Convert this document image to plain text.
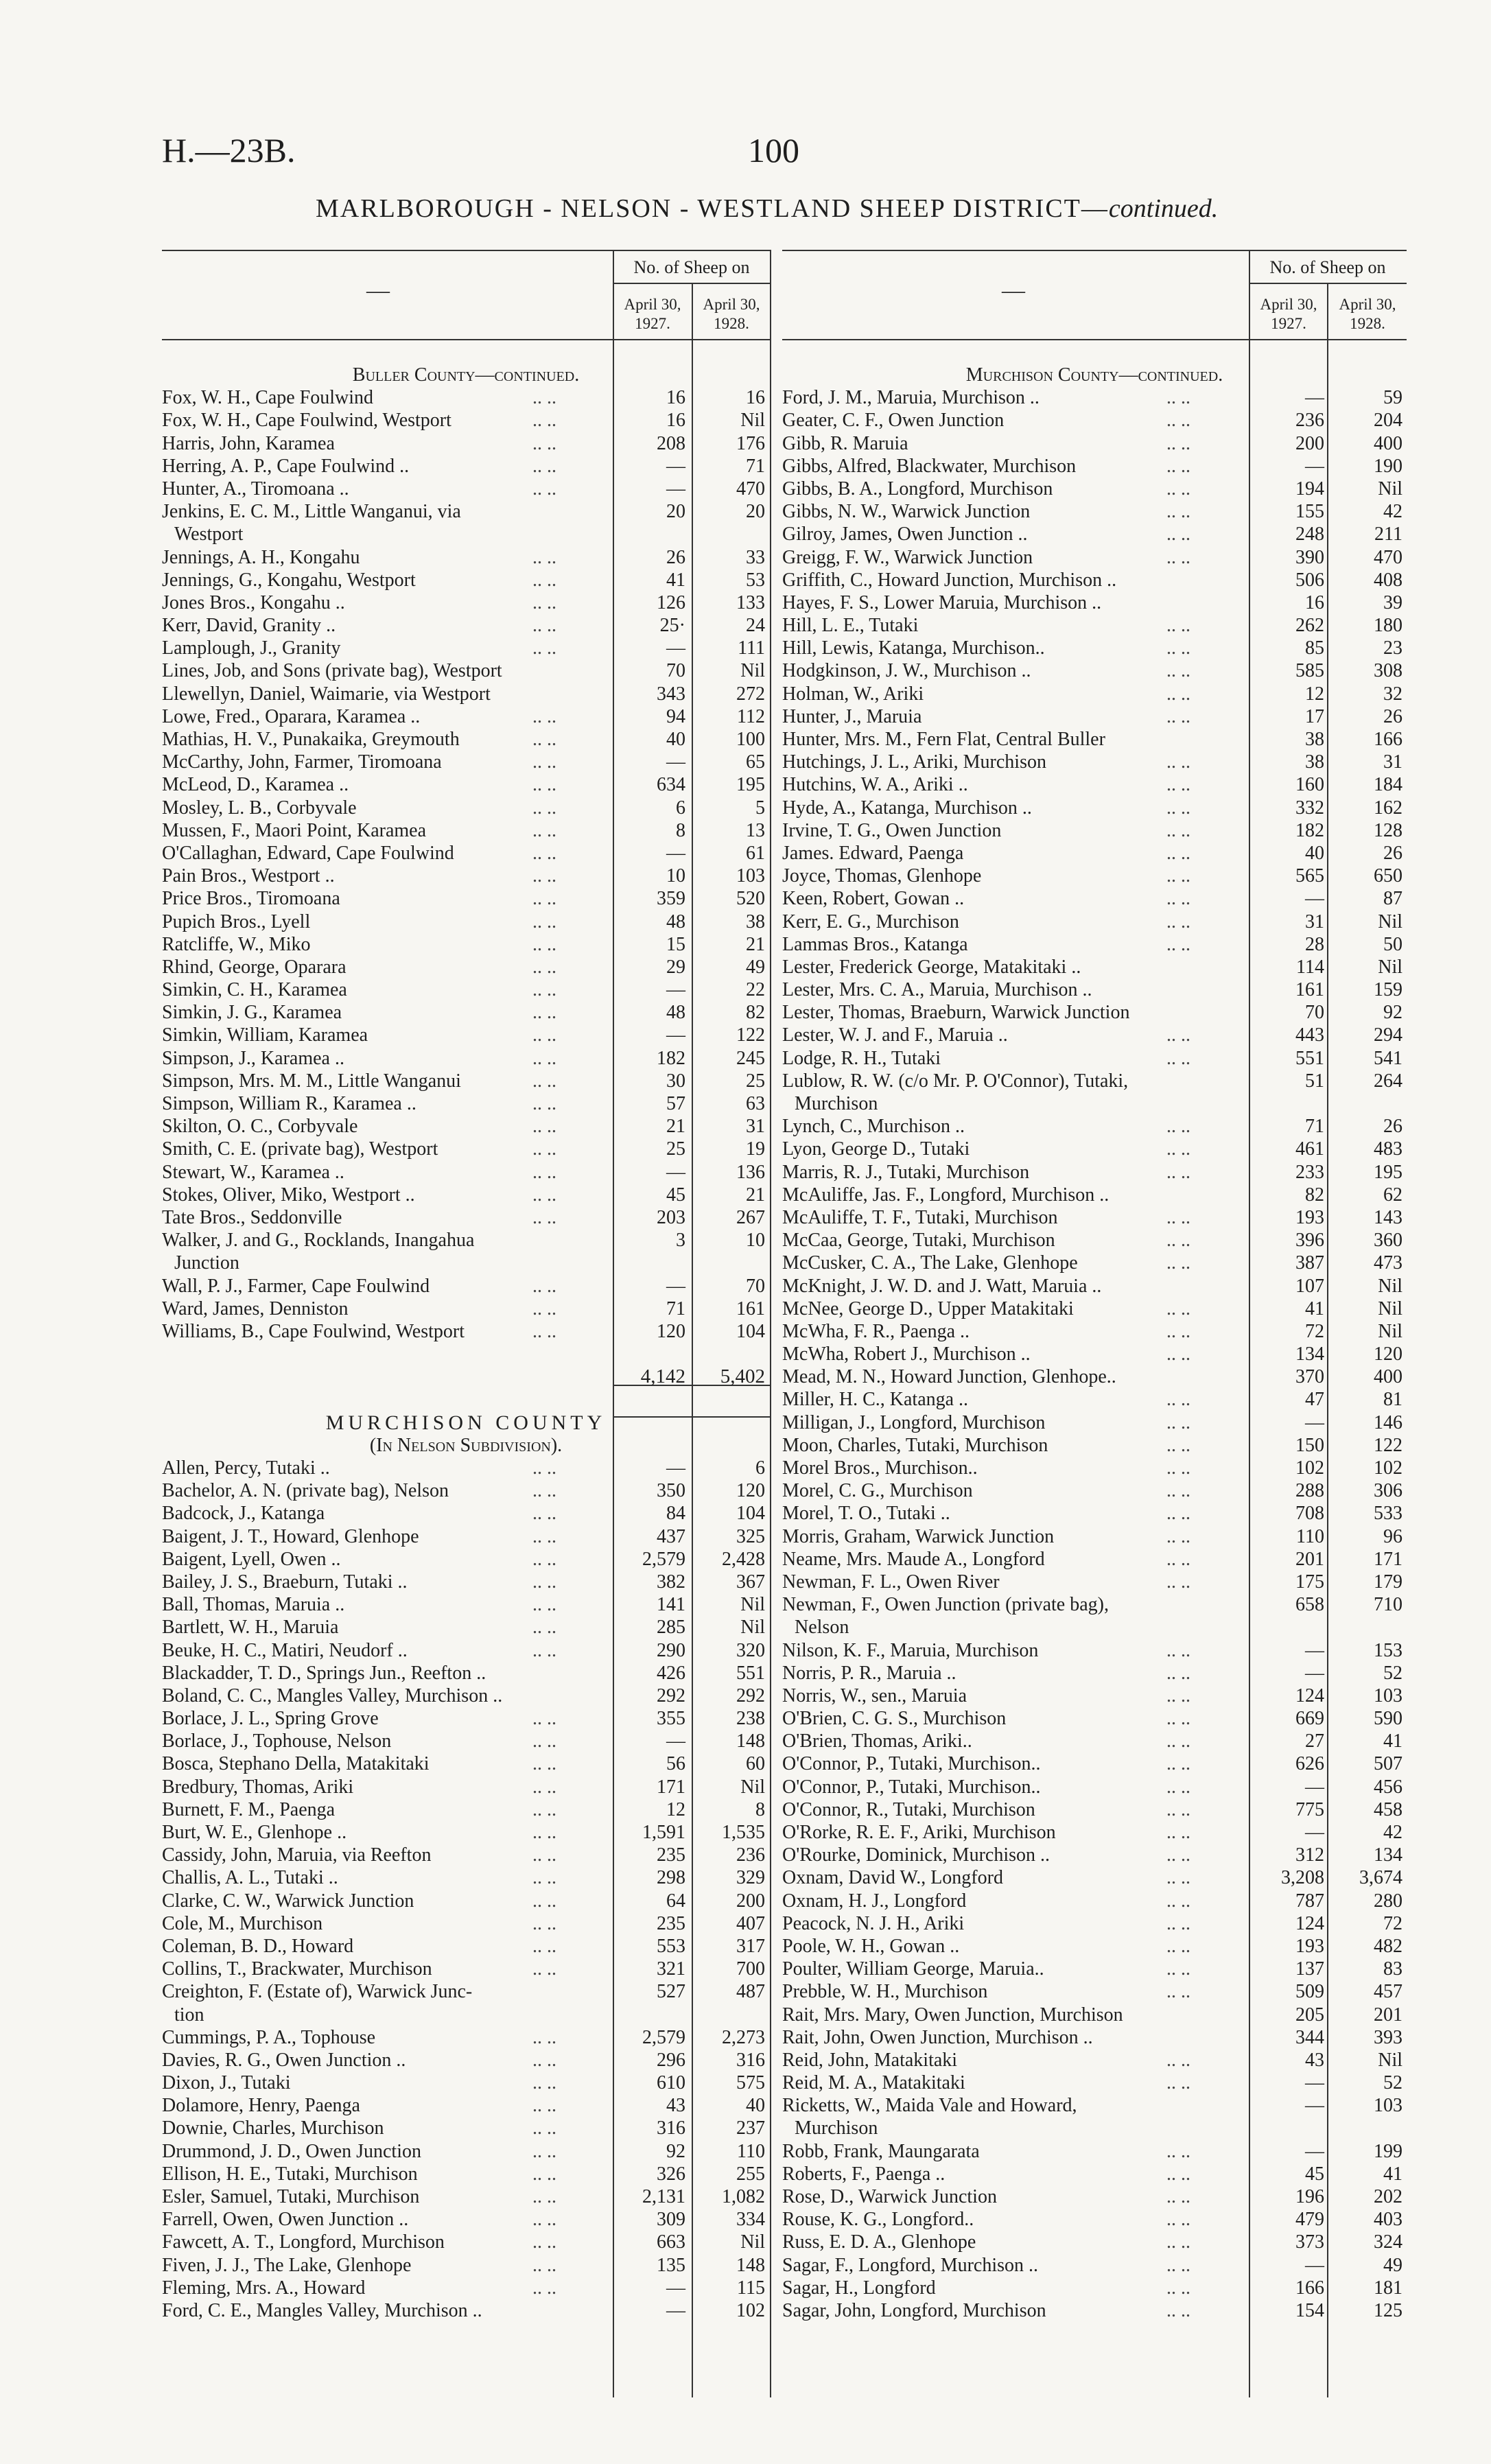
H.—23B.	100
MARLBOROUGH - NELSON - WESTLAND SHEEP DISTRICT—continued.
—
No. of Sheep on
April 30,
1927.
April 30,
1928.
—
No. of Sheep on
April 30,
1927.
April 30,
1928.
Buller County—continued.
Fox, W. H., Cape Foulwind	.. ..	16	16
Fox, W. H., Cape Foulwind, Westport	.. ..	16	Nil
Harris, John, Karamea	.. ..	208	176
Herring, A. P., Cape Foulwind ..	.. ..	—	71
Hunter, A., Tiromoana ..	.. ..	—	470
Jenkins, E. C. M., Little Wanganui, via	20	20
Westport
Jennings, A. H., Kongahu	.. ..	26	33
Jennings, G., Kongahu, Westport	.. ..	41	53
Jones Bros., Kongahu ..	.. ..	126	133
Kerr, David, Granity ..	.. ..	25·	24
Lamplough, J., Granity	.. ..	—	111
Lines, Job, and Sons (private bag), Westport	70	Nil
Llewellyn, Daniel, Waimarie, via Westport	343	272
Lowe, Fred., Oparara, Karamea ..	.. ..	94	112
Mathias, H. V., Punakaika, Greymouth	.. ..	40	100
McCarthy, John, Farmer, Tiromoana	.. ..	—	65
McLeod, D., Karamea ..	.. ..	634	195
Mosley, L. B., Corbyvale	.. ..	6	5
Mussen, F., Maori Point, Karamea	.. ..	8	13
O'Callaghan, Edward, Cape Foulwind	.. ..	—	61
Pain Bros., Westport ..	.. ..	10	103
Price Bros., Tiromoana	.. ..	359	520
Pupich Bros., Lyell	.. ..	48	38
Ratcliffe, W., Miko	.. ..	15	21
Rhind, George, Oparara	.. ..	29	49
Simkin, C. H., Karamea	.. ..	—	22
Simkin, J. G., Karamea	.. ..	48	82
Simkin, William, Karamea	.. ..	—	122
Simpson, J., Karamea ..	.. ..	182	245
Simpson, Mrs. M. M., Little Wanganui	.. ..	30	25
Simpson, William R., Karamea ..	.. ..	57	63
Skilton, O. C., Corbyvale	.. ..	21	31
Smith, C. E. (private bag), Westport	.. ..	25	19
Stewart, W., Karamea ..	.. ..	—	136
Stokes, Oliver, Miko, Westport ..	.. ..	45	21
Tate Bros., Seddonville	.. ..	203	267
Walker, J. and G., Rocklands, Inangahua	3	10
Junction
Wall, P. J., Farmer, Cape Foulwind	.. ..	—	70
Ward, James, Denniston	.. ..	71	161
Williams, B., Cape Foulwind, Westport	.. ..	120	104
4,142	5,402
MURCHISON COUNTY
(In Nelson Subdivision).
Allen, Percy, Tutaki ..	.. ..	—	6
Bachelor, A. N. (private bag), Nelson	.. ..	350	120
Badcock, J., Katanga	.. ..	84	104
Baigent, J. T., Howard, Glenhope	.. ..	437	325
Baigent, Lyell, Owen ..	.. ..	2,579	2,428
Bailey, J. S., Braeburn, Tutaki ..	.. ..	382	367
Ball, Thomas, Maruia ..	.. ..	141	Nil
Bartlett, W. H., Maruia	.. ..	285	Nil
Beuke, H. C., Matiri, Neudorf ..	.. ..	290	320
Blackadder, T. D., Springs Jun., Reefton ..	426	551
Boland, C. C., Mangles Valley, Murchison ..	292	292
Borlace, J. L., Spring Grove	.. ..	355	238
Borlace, J., Tophouse, Nelson	.. ..	—	148
Bosca, Stephano Della, Matakitaki	.. ..	56	60
Bredbury, Thomas, Ariki	.. ..	171	Nil
Burnett, F. M., Paenga	.. ..	12	8
Burt, W. E., Glenhope ..	.. ..	1,591	1,535
Cassidy, John, Maruia, via Reefton	.. ..	235	236
Challis, A. L., Tutaki ..	.. ..	298	329
Clarke, C. W., Warwick Junction	.. ..	64	200
Cole, M., Murchison	.. ..	235	407
Coleman, B. D., Howard	.. ..	553	317
Collins, T., Brackwater, Murchison	.. ..	321	700
Creighton, F. (Estate of), Warwick Junc-	527	487
tion
Cummings, P. A., Tophouse	.. ..	2,579	2,273
Davies, R. G., Owen Junction ..	.. ..	296	316
Dixon, J., Tutaki	.. ..	610	575
Dolamore, Henry, Paenga	.. ..	43	40
Downie, Charles, Murchison	.. ..	316	237
Drummond, J. D., Owen Junction	.. ..	92	110
Ellison, H. E., Tutaki, Murchison	.. ..	326	255
Esler, Samuel, Tutaki, Murchison	.. ..	2,131	1,082
Farrell, Owen, Owen Junction ..	.. ..	309	334
Fawcett, A. T., Longford, Murchison	.. ..	663	Nil
Fiven, J. J., The Lake, Glenhope	.. ..	135	148
Fleming, Mrs. A., Howard	.. ..	—	115
Ford, C. E., Mangles Valley, Murchison ..	—	102
Murchison County—continued.
Ford, J. M., Maruia, Murchison ..	.. ..	—	59
Geater, C. F., Owen Junction	.. ..	236	204
Gibb, R. Maruia	.. ..	200	400
Gibbs, Alfred, Blackwater, Murchison	.. ..	—	190
Gibbs, B. A., Longford, Murchison	.. ..	194	Nil
Gibbs, N. W., Warwick Junction	.. ..	155	42
Gilroy, James, Owen Junction ..	.. ..	248	211
Greigg, F. W., Warwick Junction	.. ..	390	470
Griffith, C., Howard Junction, Murchison ..	506	408
Hayes, F. S., Lower Maruia, Murchison ..	16	39
Hill, L. E., Tutaki	.. ..	262	180
Hill, Lewis, Katanga, Murchison..	.. ..	85	23
Hodgkinson, J. W., Murchison ..	.. ..	585	308
Holman, W., Ariki	.. ..	12	32
Hunter, J., Maruia	.. ..	17	26
Hunter, Mrs. M., Fern Flat, Central Buller	38	166
Hutchings, J. L., Ariki, Murchison	.. ..	38	31
Hutchins, W. A., Ariki ..	.. ..	160	184
Hyde, A., Katanga, Murchison ..	.. ..	332	162
Irvine, T. G., Owen Junction	.. ..	182	128
James. Edward, Paenga	.. ..	40	26
Joyce, Thomas, Glenhope	.. ..	565	650
Keen, Robert, Gowan ..	.. ..	—	87
Kerr, E. G., Murchison	.. ..	31	Nil
Lammas Bros., Katanga	.. ..	28	50
Lester, Frederick George, Matakitaki ..	114	Nil
Lester, Mrs. C. A., Maruia, Murchison ..	161	159
Lester, Thomas, Braeburn, Warwick Junction	70	92
Lester, W. J. and F., Maruia ..	.. ..	443	294
Lodge, R. H., Tutaki	.. ..	551	541
Lublow, R. W. (c/o Mr. P. O'Connor), Tutaki,	51	264
Murchison
Lynch, C., Murchison ..	.. ..	71	26
Lyon, George D., Tutaki	.. ..	461	483
Marris, R. J., Tutaki, Murchison	.. ..	233	195
McAuliffe, Jas. F., Longford, Murchison ..	82	62
McAuliffe, T. F., Tutaki, Murchison	.. ..	193	143
McCaa, George, Tutaki, Murchison	.. ..	396	360
McCusker, C. A., The Lake, Glenhope	.. ..	387	473
McKnight, J. W. D. and J. Watt, Maruia ..	107	Nil
McNee, George D., Upper Matakitaki	.. ..	41	Nil
McWha, F. R., Paenga ..	.. ..	72	Nil
McWha, Robert J., Murchison ..	.. ..	134	120
Mead, M. N., Howard Junction, Glenhope..	370	400
Miller, H. C., Katanga ..	.. ..	47	81
Milligan, J., Longford, Murchison	.. ..	—	146
Moon, Charles, Tutaki, Murchison	.. ..	150	122
Morel Bros., Murchison..	.. ..	102	102
Morel, C. G., Murchison	.. ..	288	306
Morel, T. O., Tutaki ..	.. ..	708	533
Morris, Graham, Warwick Junction	.. ..	110	96
Neame, Mrs. Maude A., Longford	.. ..	201	171
Newman, F. L., Owen River	.. ..	175	179
Newman, F., Owen Junction (private bag),	658	710
Nelson
Nilson, K. F., Maruia, Murchison	.. ..	—	153
Norris, P. R., Maruia ..	.. ..	—	52
Norris, W., sen., Maruia	.. ..	124	103
O'Brien, C. G. S., Murchison	.. ..	669	590
O'Brien, Thomas, Ariki..	.. ..	27	41
O'Connor, P., Tutaki, Murchison..	.. ..	626	507
O'Connor, P., Tutaki, Murchison..	.. ..	—	456
O'Connor, R., Tutaki, Murchison	.. ..	775	458
O'Rorke, R. E. F., Ariki, Murchison	.. ..	—	42
O'Rourke, Dominick, Murchison ..	.. ..	312	134
Oxnam, David W., Longford	.. ..	3,208	3,674
Oxnam, H. J., Longford	.. ..	787	280
Peacock, N. J. H., Ariki	.. ..	124	72
Poole, W. H., Gowan ..	.. ..	193	482
Poulter, William George, Maruia..	.. ..	137	83
Prebble, W. H., Murchison	.. ..	509	457
Rait, Mrs. Mary, Owen Junction, Murchison	205	201
Rait, John, Owen Junction, Murchison ..	344	393
Reid, John, Matakitaki	.. ..	43	Nil
Reid, M. A., Matakitaki	.. ..	—	52
Ricketts, W., Maida Vale and Howard,	—	103
Murchison
Robb, Frank, Maungarata	.. ..	—	199
Roberts, F., Paenga ..	.. ..	45	41
Rose, D., Warwick Junction	.. ..	196	202
Rouse, K. G., Longford..	.. ..	479	403
Russ, E. D. A., Glenhope	.. ..	373	324
Sagar, F., Longford, Murchison ..	.. ..	—	49
Sagar, H., Longford	.. ..	166	181
Sagar, John, Longford, Murchison	.. ..	154	125
